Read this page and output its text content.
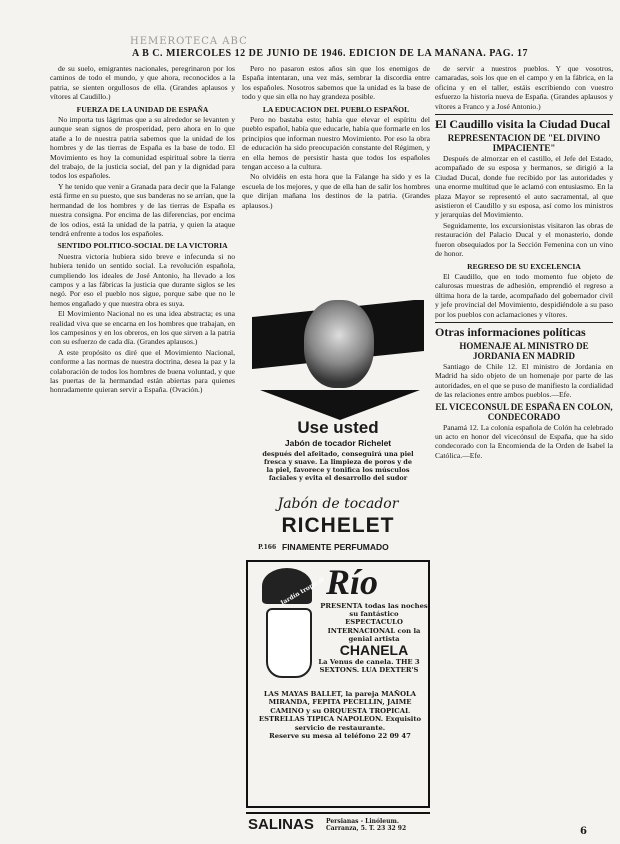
HEMEROTECA ABC
A B C. MIERCOLES 12 DE JUNIO DE 1946. EDICION DE LA MAÑANA. PAG. 17

de su suelo, emigrantes nacionales, peregrinaron por los caminos de todo el mundo, y que ahora, reconocidos a la patria, se sienten orgullosos de ella. (Grandes aplausos y vítores al Caudillo.)

FUERZA DE LA UNIDAD DE ESPAÑA

No importa tus lágrimas que a su alrededor se levanten y aunque sean signos de prosperidad, pero ahora en lo que atañe a lo de nuestra patria sabemos que la unidad de los hombres y de las tierras de España es la base de todo. El Movimiento es hoy la comunidad espiritual sobre la tierra del trabajo, de la justicia social, del pan y la dignidad para todos los españoles.

Y he tenido que venir a Granada para decir que la Falange está firme en su puesto, que sus banderas no se arrían, que la hermandad de los hombres y de las tierras de España es nuestra consigna. Por encima de las diferencias, por encima de los odios, está la unidad de la patria, y quien la ataque tendrá enfrente a todos los españoles.

SENTIDO POLITICO-SOCIAL DE LA VICTORIA

Nuestra victoria hubiera sido breve e infecunda si no hubiera tenido un sentido social. La revolución española, cumpliendo los ideales de José Antonio, ha llevado a los campos y a las fábricas la justicia que durante siglos se les negó. Por eso el pueblo nos sigue, porque sabe que no le hemos engañado y que nuestra obra es suya.

El Movimiento Nacional no es una idea abstracta; es una realidad viva que se encarna en los hombres que trabajan, en los campesinos y en los obreros, en los que sirven a la patria con su esfuerzo de cada día. (Grandes aplausos.)

A este propósito os diré que el Movimiento Nacional, conforme a las normas de nuestra doctrina, desea la paz y la colaboración de todos los hombres de buena voluntad, y que las puertas de la hermandad están abiertas para quienes honradamente quieran servir a España. (Ovación.)

Pero no pasaron estos años sin que los enemigos de España intentaran, una vez más, sembrar la discordia entre los españoles. Nosotros sabemos que la unidad es la base de todo y que sin ella no hay grandeza posible.

LA EDUCACION DEL PUEBLO ESPAÑOL

Pero no bastaba esto; había que elevar el espíritu del pueblo español, había que educarle, había que formarle en los principios que informan nuestro Movimiento. Por eso la obra de educación ha sido preocupación constante del Régimen, y en ella hemos de persistir hasta que todos los españoles tengan acceso a la cultura.

No olvidéis en esta hora que la Falange ha sido y es la escuela de los mejores, y que de ella han de salir los hombres que dirijan mañana los destinos de la patria. (Grandes aplausos.)

Use usted
Jabón de tocador Richelet
después del afeitado, conseguirá una piel fresca y suave. La limpieza de poros y de la piel, favorece y tonifica los músculos faciales y evita el desarrollo del sudor
Jabón de tocador
RICHELET
P.166 FINAMENTE PERFUMADO
Jardín tropical Río
PRESENTA todas las noches su fantástico ESPECTACULO INTERNACIONAL con la genial artista
CHANELA
La Venus de canela. THE 3 SEXTONS. LUA DEXTER'S
LAS MAYAS BALLET, la pareja MAÑOLA MIRANDA, FEPITA PECELLIN, JAIME CAMINO y su ORQUESTA TROPICAL ESTRELLAS TIPICA NAPOLEON. Exquisito servicio de restaurante.
Reserve su mesa al teléfono 22 09 47
SALINAS Persianas - Linóleum. Carranza, 5. T. 23 32 92

de servir a nuestros pueblos. Y que vosotros, camaradas, sois los que en el campo y en la fábrica, en la oficina y en el taller, estáis escribiendo con vuestro esfuerzo la historia nueva de España. (Grandes aplausos y vítores a Franco y a José Antonio.)

El Caudillo visita la Ciudad Ducal

REPRESENTACION DE "EL DIVINO IMPACIENTE"

Después de almorzar en el castillo, el Jefe del Estado, acompañado de su esposa y hermanos, se dirigió a la Ciudad Ducal, donde fue recibido por las autoridades y una enorme multitud que le aclamó con entusiasmo. En la plaza Mayor se representó el auto sacramental, al que asistieron el Caudillo y su esposa, así como los ministros y jerarquías del Movimiento.

Seguidamente, los excursionistas visitaron las obras de restauración del Palacio Ducal y el monasterio, donde fueron obsequiados por la Sección Femenina con un vino de honor.

REGRESO DE SU EXCELENCIA

El Caudillo, que en todo momento fue objeto de calurosas muestras de adhesión, emprendió el regreso a última hora de la tarde, acompañado del gobernador civil y jefe provincial del Movimiento, despidiéndole a su paso por los pueblos con aclamaciones y vítores.

Otras informaciones políticas

HOMENAJE AL MINISTRO DE JORDANIA EN MADRID

Santiago de Chile 12. El ministro de Jordania en Madrid ha sido objeto de un homenaje por parte de las autoridades, en el que se puso de manifiesto la cordialidad de las relaciones entre ambos pueblos.—Efe.

EL VICECONSUL DE ESPAÑA EN COLON, CONDECORADO

Panamá 12. La colonia española de Colón ha celebrado un acto en honor del vicecónsul de España, que ha sido condecorado con la Encomienda de la Orden de Isabel la Católica.—Efe.

6
